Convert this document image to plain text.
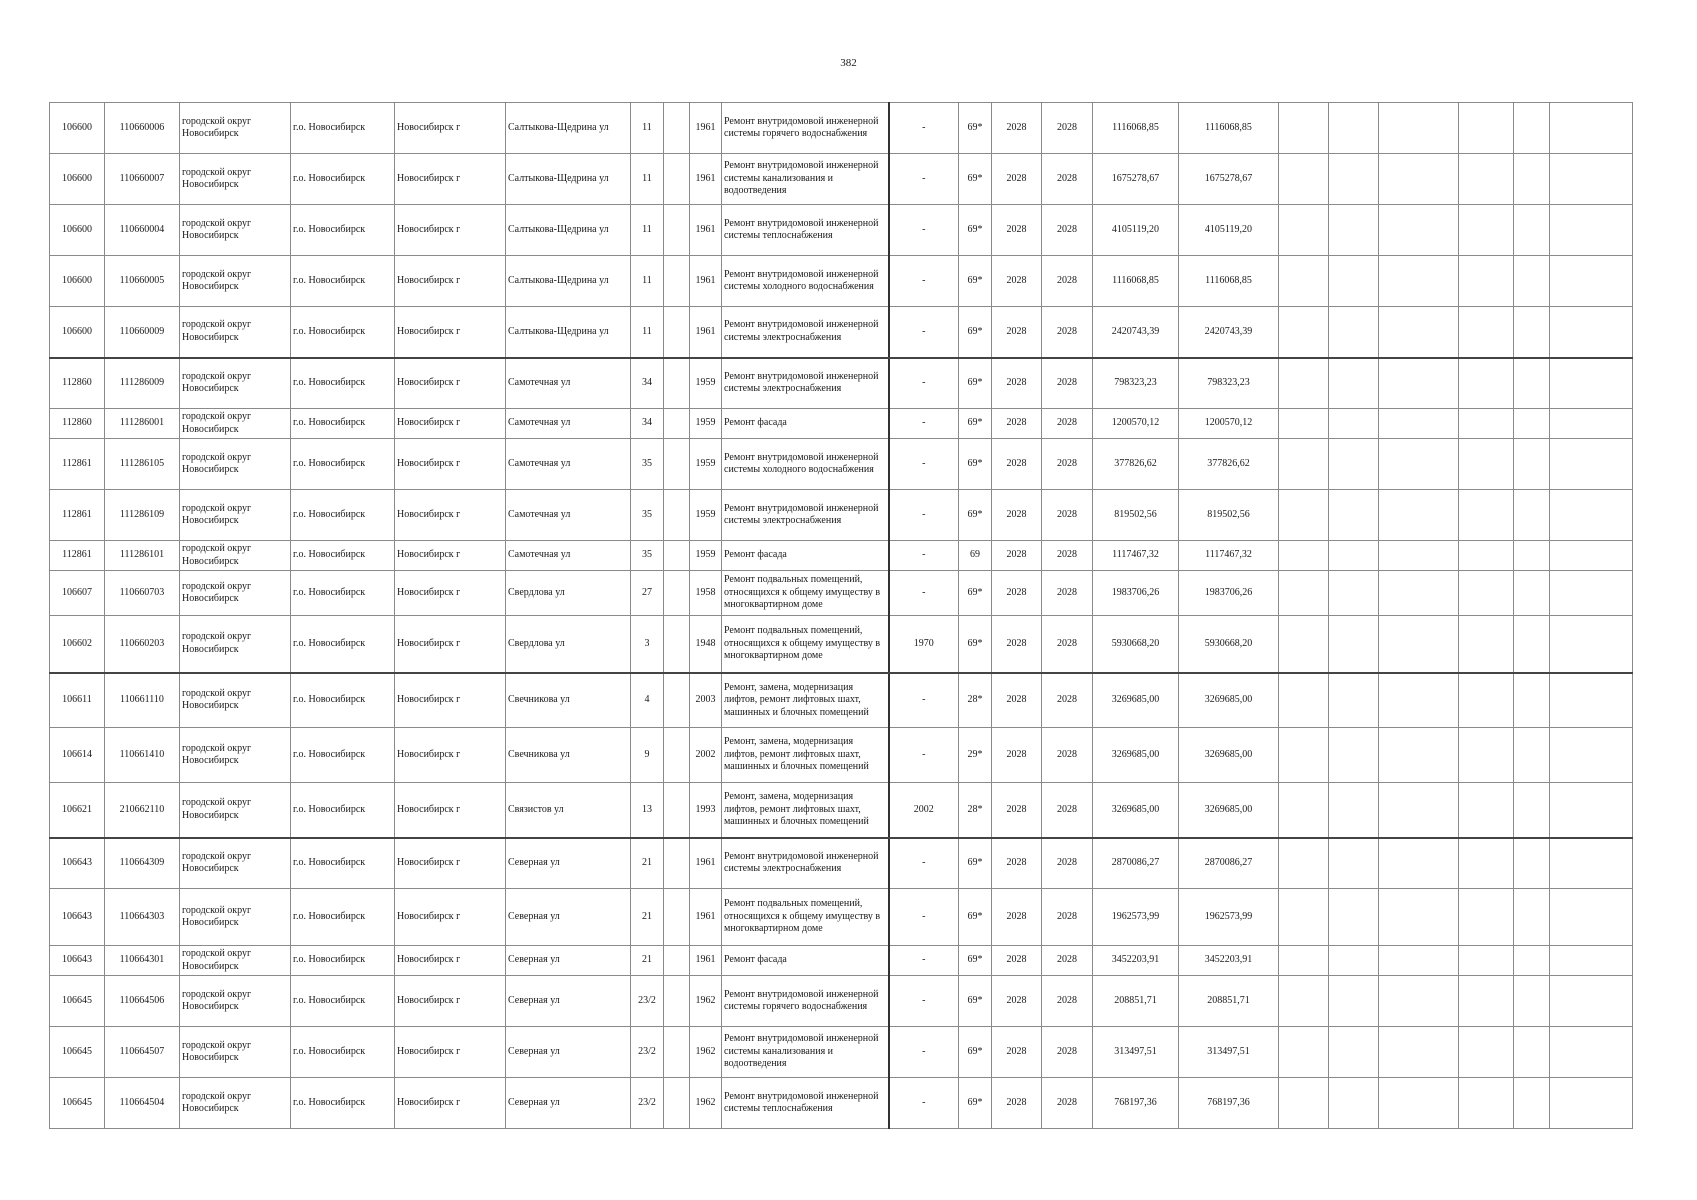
382
106600	110660006	городской округ Новосибирск	г.о. Новосибирск	Новосибирск г	Салтыкова-Щедрина ул	11		1961	Ремонт внутридомовой инженерной системы горячего водоснабжения	-	69*	2028	2028	1116068,85	1116068,85						
106600	110660007	городской округ Новосибирск	г.о. Новосибирск	Новосибирск г	Салтыкова-Щедрина ул	11		1961	Ремонт внутридомовой инженерной системы канализования и водоотведения	-	69*	2028	2028	1675278,67	1675278,67						
106600	110660004	городской округ Новосибирск	г.о. Новосибирск	Новосибирск г	Салтыкова-Щедрина ул	11		1961	Ремонт внутридомовой инженерной системы теплоснабжения	-	69*	2028	2028	4105119,20	4105119,20						
106600	110660005	городской округ Новосибирск	г.о. Новосибирск	Новосибирск г	Салтыкова-Щедрина ул	11		1961	Ремонт внутридомовой инженерной системы холодного водоснабжения	-	69*	2028	2028	1116068,85	1116068,85						
106600	110660009	городской округ Новосибирск	г.о. Новосибирск	Новосибирск г	Салтыкова-Щедрина ул	11		1961	Ремонт внутридомовой инженерной системы электроснабжения	-	69*	2028	2028	2420743,39	2420743,39						
112860	111286009	городской округ Новосибирск	г.о. Новосибирск	Новосибирск г	Самотечная ул	34		1959	Ремонт внутридомовой инженерной системы электроснабжения	-	69*	2028	2028	798323,23	798323,23						
112860	111286001	городской округ Новосибирск	г.о. Новосибирск	Новосибирск г	Самотечная ул	34		1959	Ремонт фасада	-	69*	2028	2028	1200570,12	1200570,12						
112861	111286105	городской округ Новосибирск	г.о. Новосибирск	Новосибирск г	Самотечная ул	35		1959	Ремонт внутридомовой инженерной системы холодного водоснабжения	-	69*	2028	2028	377826,62	377826,62						
112861	111286109	городской округ Новосибирск	г.о. Новосибирск	Новосибирск г	Самотечная ул	35		1959	Ремонт внутридомовой инженерной системы электроснабжения	-	69*	2028	2028	819502,56	819502,56						
112861	111286101	городской округ Новосибирск	г.о. Новосибирск	Новосибирск г	Самотечная ул	35		1959	Ремонт фасада	-	69	2028	2028	1117467,32	1117467,32						
106607	110660703	городской округ Новосибирск	г.о. Новосибирск	Новосибирск г	Свердлова ул	27		1958	Ремонт подвальных помещений, относящихся к общему имуществу в многоквартирном доме	-	69*	2028	2028	1983706,26	1983706,26						
106602	110660203	городской округ Новосибирск	г.о. Новосибирск	Новосибирск г	Свердлова ул	3		1948	Ремонт подвальных помещений, относящихся к общему имуществу в многоквартирном доме	1970	69*	2028	2028	5930668,20	5930668,20						
106611	110661110	городской округ Новосибирск	г.о. Новосибирск	Новосибирск г	Свечникова ул	4		2003	Ремонт, замена, модернизация лифтов, ремонт лифтовых шахт, машинных и блочных помещений	-	28*	2028	2028	3269685,00	3269685,00						
106614	110661410	городской округ Новосибирск	г.о. Новосибирск	Новосибирск г	Свечникова ул	9		2002	Ремонт, замена, модернизация лифтов, ремонт лифтовых шахт, машинных и блочных помещений	-	29*	2028	2028	3269685,00	3269685,00						
106621	210662110	городской округ Новосибирск	г.о. Новосибирск	Новосибирск г	Связистов ул	13		1993	Ремонт, замена, модернизация лифтов, ремонт лифтовых шахт, машинных и блочных помещений	2002	28*	2028	2028	3269685,00	3269685,00						
106643	110664309	городской округ Новосибирск	г.о. Новосибирск	Новосибирск г	Северная ул	21		1961	Ремонт внутридомовой инженерной системы электроснабжения	-	69*	2028	2028	2870086,27	2870086,27						
106643	110664303	городской округ Новосибирск	г.о. Новосибирск	Новосибирск г	Северная ул	21		1961	Ремонт подвальных помещений, относящихся к общему имуществу в многоквартирном доме	-	69*	2028	2028	1962573,99	1962573,99						
106643	110664301	городской округ Новосибирск	г.о. Новосибирск	Новосибирск г	Северная ул	21		1961	Ремонт фасада	-	69*	2028	2028	3452203,91	3452203,91						
106645	110664506	городской округ Новосибирск	г.о. Новосибирск	Новосибирск г	Северная ул	23/2		1962	Ремонт внутридомовой инженерной системы горячего водоснабжения	-	69*	2028	2028	208851,71	208851,71						
106645	110664507	городской округ Новосибирск	г.о. Новосибирск	Новосибирск г	Северная ул	23/2		1962	Ремонт внутридомовой инженерной системы канализования и водоотведения	-	69*	2028	2028	313497,51	313497,51						
106645	110664504	городской округ Новосибирск	г.о. Новосибирск	Новосибирск г	Северная ул	23/2		1962	Ремонт внутридомовой инженерной системы теплоснабжения	-	69*	2028	2028	768197,36	768197,36						
